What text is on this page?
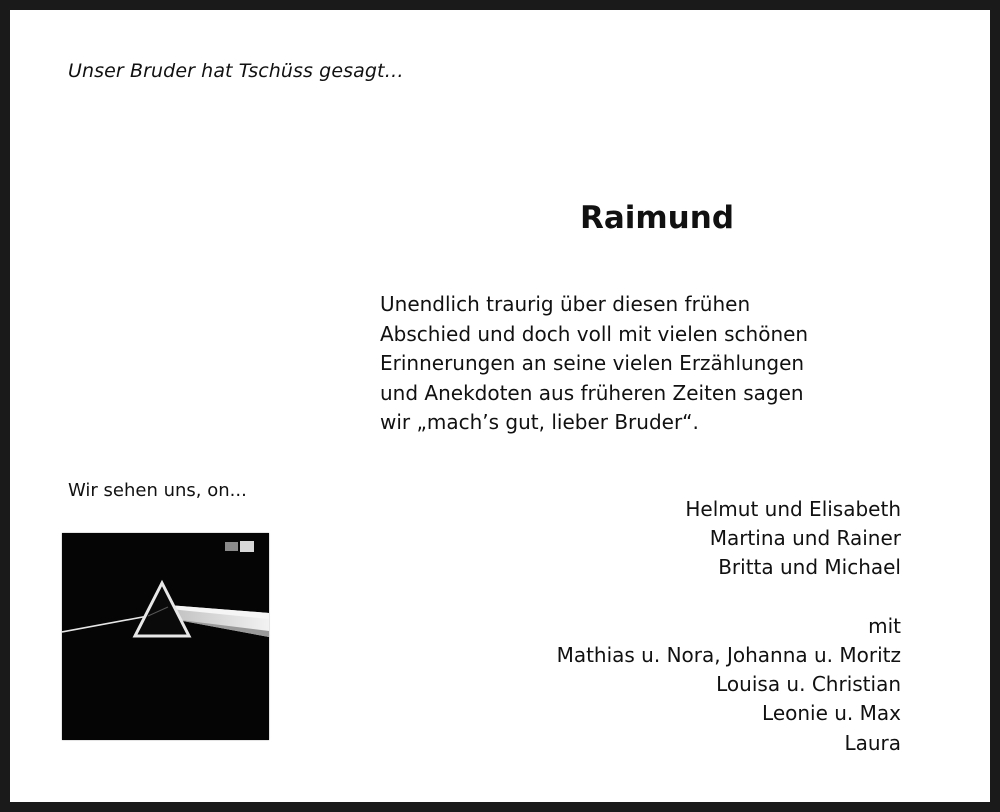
Unser Bruder hat Tschüss gesagt…
Raimund
Unendlich traurig über diesen frühen
Abschied und doch voll mit vielen schönen
Erinnerungen an seine vielen Erzählungen
und Anekdoten aus früheren Zeiten sagen
wir „mach’s gut, lieber Bruder“.
Wir sehen uns, on...
Helmut und Elisabeth
Martina und Rainer
Britta und Michael
mit
Mathias u. Nora, Johanna u. Moritz
Louisa u. Christian
Leonie u. Max
Laura
